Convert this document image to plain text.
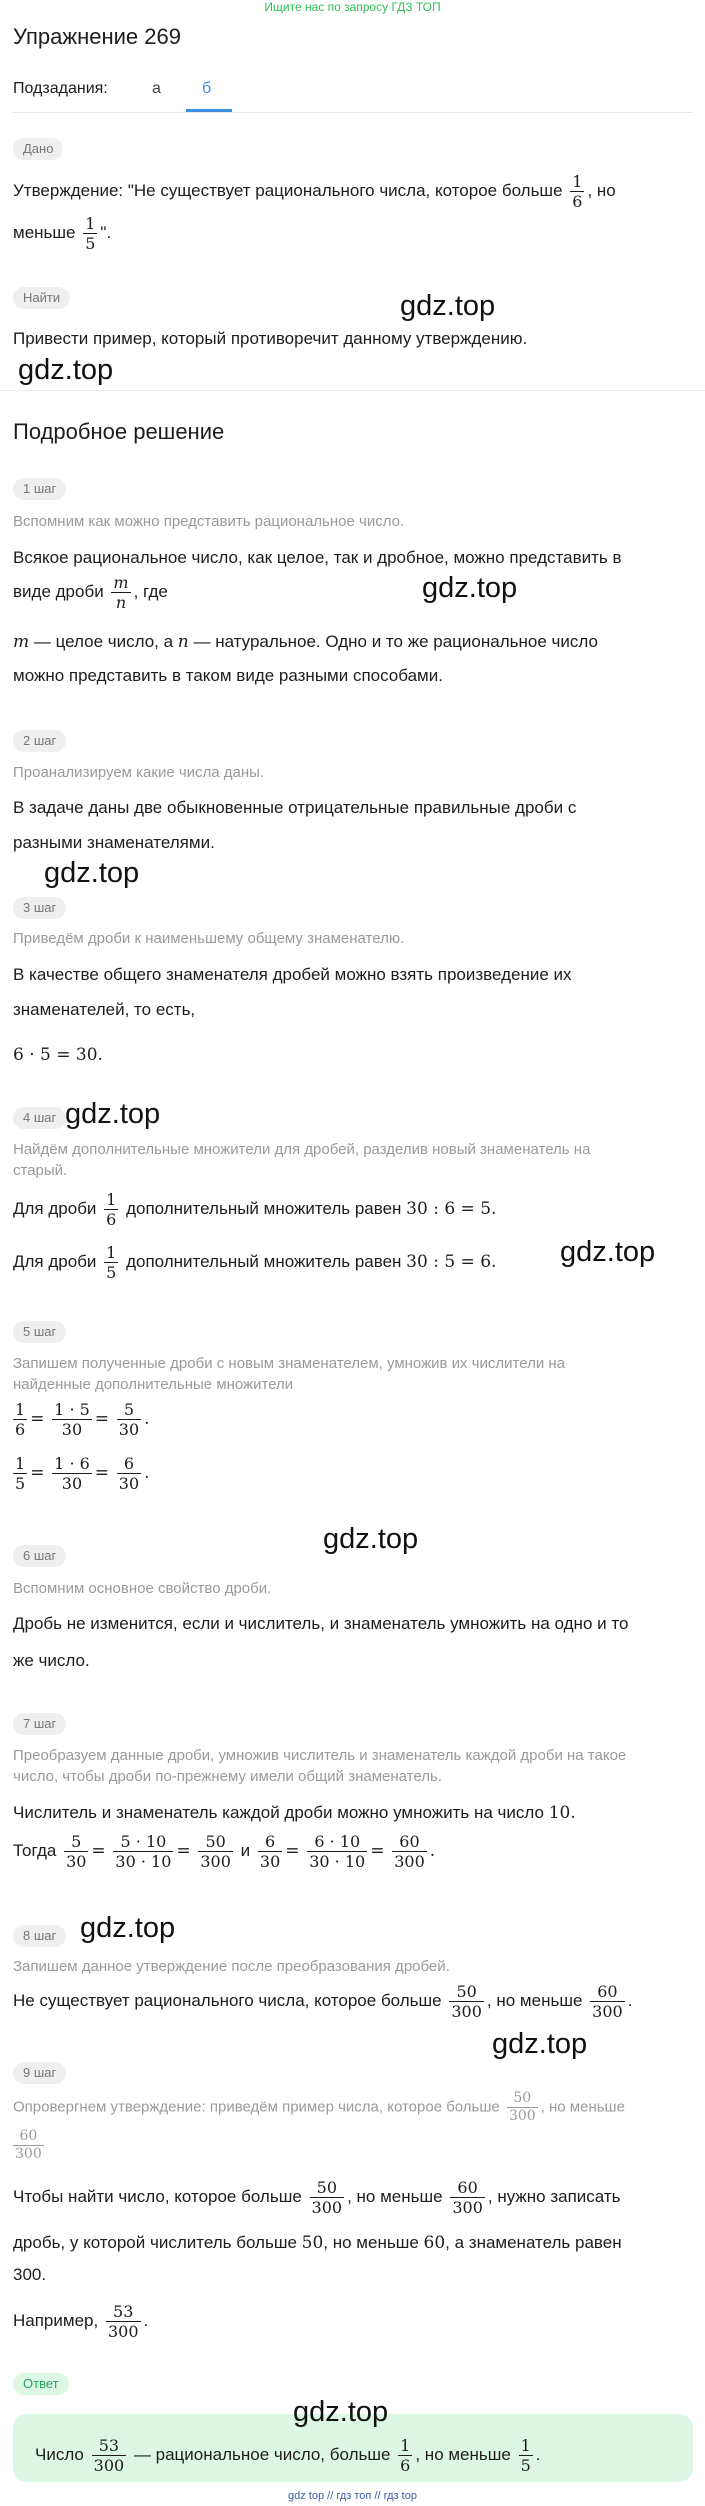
Ищите нас по запросу ГДЗ ТОП
Упражнение 269
Подзадания:	а	б
Дано
Утверждение: "Не существует рационального числа, которое больше $\frac{1}{6}$ , но
меньше $\frac{1}{5}$ ".
Найти	gdz.top
Привести пример, который противоречит данному утверждению.
gdz.top
Подробное решение
1 шаг
Вспомним как можно представить рациональное число.
Всякое рациональное число, как целое, так и дробное, можно представить в
виде дроби $\frac{m}{n}$ , где	gdz.top
m — целое число, а n — натуральное. Одно и то же рациональное число
можно представить в таком виде разными способами.
2 шаг
Проанализируем какие числа даны.
В задаче даны две обыкновенные отрицательные правильные дроби с
разными знаменателями.
gdz.top
3 шаг
Приведём дроби к наименьшему общему знаменателю.
В качестве общего знаменателя дробей можно взять произведение их
знаменателей, то есть,
6 · 5 = 30.
4 шаг gdz.top
Найдём дополнительные множители для дробей, разделив новый знаменатель на
старый.
Для дроби $\frac{1}{6}$ дополнительный множитель равен 30 : 6 = 5.
Для дроби $\frac{1}{5}$ дополнительный множитель равен 30 : 5 = 6. gdz.top
5 шаг
Запишем полученные дроби с новым знаменателем, умножив их числители на
найденные дополнительные множители
$\frac{1}{6} = \frac{1 \cdot 5}{30} = \frac{5}{30}$ .
$\frac{1}{5} = \frac{1 \cdot 6}{30} = \frac{6}{30}$ .
gdz.top
6 шаг
Вспомним основное свойство дроби.
Дробь не изменится, если и числитель, и знаменатель умножить на одно и то
же число.
7 шаг
Преобразуем данные дроби, умножив числитель и знаменатель каждой дроби на такое
число, чтобы дроби по-прежнему имели общий знаменатель.
Числитель и знаменатель каждой дроби можно умножить на число 10.
Тогда $\frac{5}{30} = \frac{5 \cdot 10}{30 \cdot 10} = \frac{50}{300}$ и $\frac{6}{30} = \frac{6 \cdot 10}{30 \cdot 10} = \frac{60}{300}$ .
8 шаг gdz.top
Запишем данное утверждение после преобразования дробей.
Не существует рационального числа, которое больше $\frac{50}{300}$ , но меньше $\frac{60}{300}$ .
gdz.top
9 шаг
Опровергнем утверждение: приведём пример числа, которое больше $\frac{50}{300}$ , но меньше
$\frac{60}{300}$
Чтобы найти число, которое больше $\frac{50}{300}$ , но меньше $\frac{60}{300}$ , нужно записать
дробь, у которой числитель больше 50, но меньше 60, а знаменатель равен
300.
Например, $\frac{53}{300}$ .
Ответ
Число $\frac{53}{300}$ — рациональное число, больше $\frac{1}{6}$ , но меньше $\frac{1}{5}$ .
gdz.top
gdz top // гдз топ // гдз top
